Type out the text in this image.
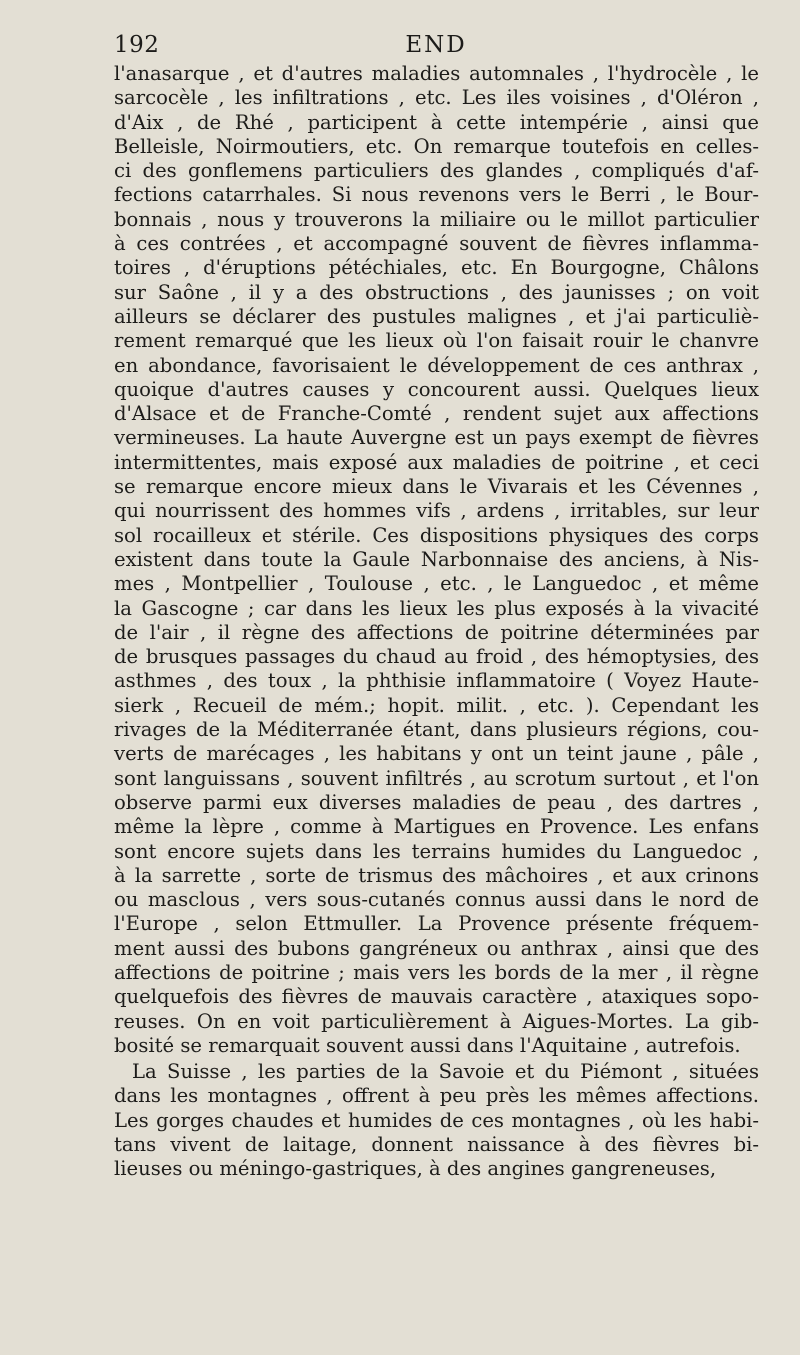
192	END
l'anasarque , et d'autres maladies automnales , l'hydrocèle , le
sarcocèle , les infiltrations , etc. Les iles voisines , d'Oléron ,
d'Aix , de Rhé , participent à cette intempérie , ainsi que
Belleisle, Noirmoutiers, etc. On remarque toutefois en celles-
ci des gonflemens particuliers des glandes , compliqués d'af-
fections catarrhales. Si nous revenons vers le Berri , le Bour-
bonnais , nous y trouverons la miliaire ou le millot particulier
à ces contrées , et accompagné souvent de fièvres inflamma-
toires , d'éruptions pétéchiales, etc. En Bourgogne, Châlons
sur Saône , il y a des obstructions , des jaunisses ; on voit
ailleurs se déclarer des pustules malignes , et j'ai particuliè-
rement remarqué que les lieux où l'on faisait rouir le chanvre
en abondance, favorisaient le développement de ces anthrax ,
quoique d'autres causes y concourent aussi. Quelques lieux
d'Alsace et de Franche-Comté , rendent sujet aux affections
vermineuses. La haute Auvergne est un pays exempt de fièvres
intermittentes, mais exposé aux maladies de poitrine , et ceci
se remarque encore mieux dans le Vivarais et les Cévennes ,
qui nourrissent des hommes vifs , ardens , irritables, sur leur
sol rocailleux et stérile. Ces dispositions physiques des corps
existent dans toute la Gaule Narbonnaise des anciens, à Nis-
mes , Montpellier , Toulouse , etc. , le Languedoc , et même
la Gascogne ; car dans les lieux les plus exposés à la vivacité
de l'air , il règne des affections de poitrine déterminées par
de brusques passages du chaud au froid , des hémoptysies, des
asthmes , des toux , la phthisie inflammatoire ( Voyez Haute-
sierk , Recueil de mém.; hopit. milit. , etc. ). Cependant les
rivages de la Méditerranée étant, dans plusieurs régions, cou-
verts de marécages , les habitans y ont un teint jaune , pâle ,
sont languissans , souvent infiltrés , au scrotum surtout , et l'on
observe parmi eux diverses maladies de peau , des dartres ,
même la lèpre , comme à Martigues en Provence. Les enfans
sont encore sujets dans les terrains humides du Languedoc ,
à la sarrette , sorte de trismus des mâchoires , et aux crinons
ou masclous , vers sous-cutanés connus aussi dans le nord de
l'Europe , selon Ettmuller. La Provence présente fréquem-
ment aussi des bubons gangréneux ou anthrax , ainsi que des
affections de poitrine ; mais vers les bords de la mer , il règne
quelquefois des fièvres de mauvais caractère , ataxiques sopo-
reuses. On en voit particulièrement à Aigues-Mortes. La gib-
bosité se remarquait souvent aussi dans l'Aquitaine , autrefois.
La Suisse , les parties de la Savoie et du Piémont , situées
dans les montagnes , offrent à peu près les mêmes affections.
Les gorges chaudes et humides de ces montagnes , où les habi-
tans vivent de laitage, donnent naissance à des fièvres bi-
lieuses ou méningo-gastriques, à des angines gangreneuses,
